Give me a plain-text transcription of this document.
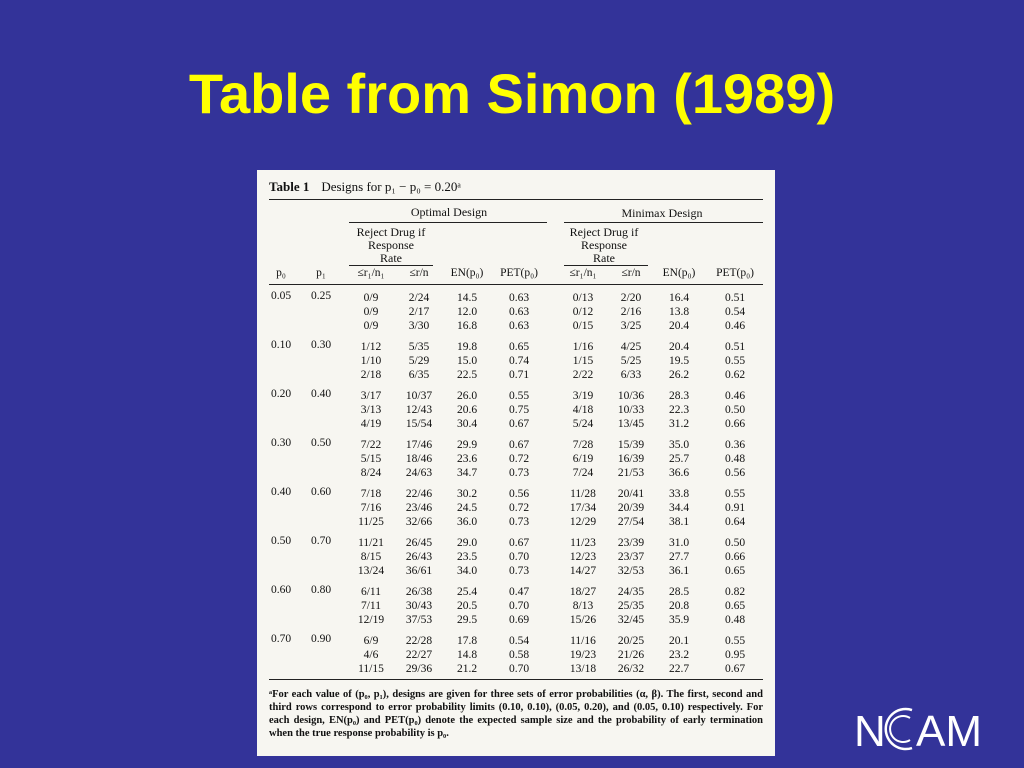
Table from Simon (1989)
Table 1 Designs for p₁ − p₀ = 0.20ᵃ
Optimal Design	Minimax Design
Reject Drug if
Response
Rate
Reject Drug if
Response
Rate
p₀	p₁	≤r₁/n₁	≤r/n	EN(p₀)	PET(p₀)	≤r₁/n₁	≤r/n	EN(p₀)	PET(p₀)
0.05	0.25	0/9	2/24	14.5	0.63	0/13	2/20	16.4	0.51
0/9	2/17	12.0	0.63	0/12	2/16	13.8	0.54
0/9	3/30	16.8	0.63	0/15	3/25	20.4	0.46
0.10	0.30	1/12	5/35	19.8	0.65	1/16	4/25	20.4	0.51
1/10	5/29	15.0	0.74	1/15	5/25	19.5	0.55
2/18	6/35	22.5	0.71	2/22	6/33	26.2	0.62
0.20	0.40	3/17	10/37	26.0	0.55	3/19	10/36	28.3	0.46
3/13	12/43	20.6	0.75	4/18	10/33	22.3	0.50
4/19	15/54	30.4	0.67	5/24	13/45	31.2	0.66
0.30	0.50	7/22	17/46	29.9	0.67	7/28	15/39	35.0	0.36
5/15	18/46	23.6	0.72	6/19	16/39	25.7	0.48
8/24	24/63	34.7	0.73	7/24	21/53	36.6	0.56
0.40	0.60	7/18	22/46	30.2	0.56	11/28	20/41	33.8	0.55
7/16	23/46	24.5	0.72	17/34	20/39	34.4	0.91
11/25	32/66	36.0	0.73	12/29	27/54	38.1	0.64
0.50	0.70	11/21	26/45	29.0	0.67	11/23	23/39	31.0	0.50
8/15	26/43	23.5	0.70	12/23	23/37	27.7	0.66
13/24	36/61	34.0	0.73	14/27	32/53	36.1	0.65
0.60	0.80	6/11	26/38	25.4	0.47	18/27	24/35	28.5	0.82
7/11	30/43	20.5	0.70	8/13	25/35	20.8	0.65
12/19	37/53	29.5	0.69	15/26	32/45	35.9	0.48
0.70	0.90	6/9	22/28	17.8	0.54	11/16	20/25	20.1	0.55
4/6	22/27	14.8	0.58	19/23	21/26	23.2	0.95
11/15	29/36	21.2	0.70	13/18	26/32	22.7	0.67
ᵃFor each value of (p₀, p₁), designs are given for three sets of error probabilities (α, β). The first, second and third rows correspond to error probability limits (0.10, 0.10), (0.05, 0.20), and (0.05, 0.10) respectively. For each design, EN(p₀) and PET(p₀) denote the expected sample size and the probability of early termination when the true response probability is p₀.	N AM
